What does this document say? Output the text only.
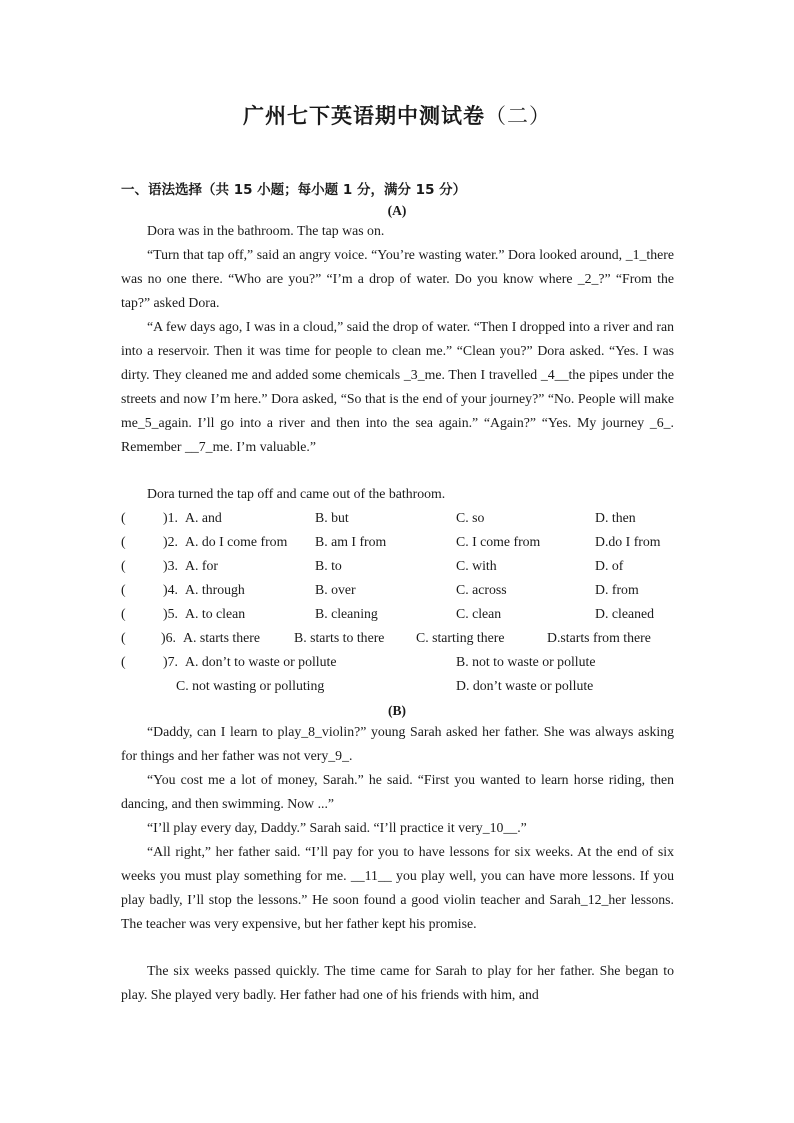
广州七下英语期中测试卷（二）
一、语法选择（共 15 小题；每小题 1 分，满分 15 分）
(A)
Dora was in the bathroom. The tap was on.
“Turn that tap off,” said an angry voice. “You’re wasting water.” Dora looked around, _1_there was no one there. “Who are you?” “I’m a drop of water. Do you know where _2_?” “From the tap?” asked Dora.
“A few days ago, I was in a cloud,” said the drop of water. “Then I dropped into a river and ran into a reservoir. Then it was time for people to clean me.” “Clean you?” Dora asked. “Yes. I was dirty. They cleaned me and added some chemicals _3_me. Then I travelled _4__the pipes under the streets and now I’m here.” Dora asked, “So that is the end of your journey?” “No. People will make me_5_again. I’ll go into a river and then into the sea again.” “Again?” “Yes. My journey _6_. Remember __7_me. I’m valuable.”
Dora turned the tap off and came out of the bathroom.
(	)1. A. and	B. but	C. so	D. then
(	)2. A. do I come from B. am I from	C. I come from	D.do I from
(	)3. A. for	B. to	C. with	D. of
(	)4. A. through	B. over	C. across	D. from
(	)5. A. to clean	B. cleaning	C. clean	D. cleaned
(	)6. A. starts there B. starts to there C. starting there	D.starts from there
(	)7. A. don’t to waste or pollute	B. not to waste or pollute
C. not wasting or polluting	D. don’t waste or pollute
(B)
“Daddy, can I learn to play_8_violin?” young Sarah asked her father. She was always asking for things and her father was not very_9_.
“You cost me a lot of money, Sarah.” he said. “First you wanted to learn horse riding, then dancing, and then swimming. Now ...”
“I’ll play every day, Daddy.” Sarah said. “I’ll practice it very_10__.”
“All right,” her father said. “I’ll pay for you to have lessons for six weeks. At the end of six weeks you must play something for me. __11__ you play well, you can have more lessons. If you play badly, I’ll stop the lessons.” He soon found a good violin teacher and Sarah_12_her lessons. The teacher was very expensive, but her father kept his promise.
The six weeks passed quickly. The time came for Sarah to play for her father. She began to play. She played very badly. Her father had one of his friends with him, and
